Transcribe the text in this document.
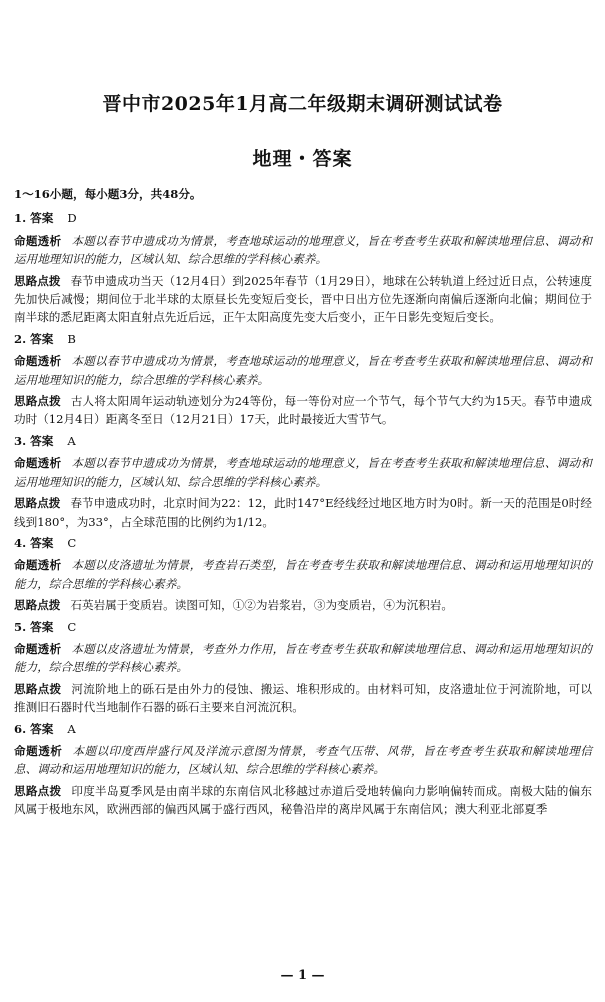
晋中市2025年1月高二年级期末调研测试试卷
地理・答案
1～16小题，每小题3分，共48分。
1. 答案 D
命题透析 本题以春节申遗成功为情景，考查地球运动的地理意义，旨在考查考生获取和解读地理信息、调动和运用地理知识的能力，区域认知、综合思维的学科核心素养。
思路点拨 春节申遗成功当天（12月4日）到2025年春节（1月29日），地球在公转轨道上经过近日点，公转速度先加快后减慢；期间位于北半球的太原昼长先变短后变长，晋中日出方位先逐渐向南偏后逐渐向北偏；期间位于南半球的悉尼距离太阳直射点先近后远，正午太阳高度先变大后变小，正午日影先变短后变长。
2. 答案 B
命题透析 本题以春节申遗成功为情景，考查地球运动的地理意义，旨在考查考生获取和解读地理信息、调动和运用地理知识的能力，综合思维的学科核心素养。
思路点拨 古人将太阳周年运动轨迹划分为24等份，每一等份对应一个节气，每个节气大约为15天。春节申遗成功时（12月4日）距离冬至日（12月21日）17天，此时最接近大雪节气。
3. 答案 A
命题透析 本题以春节申遗成功为情景，考查地球运动的地理意义，旨在考查考生获取和解读地理信息、调动和运用地理知识的能力，区域认知、综合思维的学科核心素养。
思路点拨 春节申遗成功时，北京时间为22：12，此时147°E经线经过地区地方时为0时。新一天的范围是0时经线到180°，为33°，占全球范围的比例约为1/12。
4. 答案 C
命题透析 本题以皮洛遗址为情景，考查岩石类型，旨在考查考生获取和解读地理信息、调动和运用地理知识的能力，综合思维的学科核心素养。
思路点拨 石英岩属于变质岩。读图可知，①②为岩浆岩，③为变质岩，④为沉积岩。
5. 答案 C
命题透析 本题以皮洛遗址为情景，考查外力作用，旨在考查考生获取和解读地理信息、调动和运用地理知识的能力，综合思维的学科核心素养。
思路点拨 河流阶地上的砾石是由外力的侵蚀、搬运、堆积形成的。由材料可知，皮洛遗址位于河流阶地，可以推测旧石器时代当地制作石器的砾石主要来自河流沉积。
6. 答案 A
命题透析 本题以印度西岸盛行风及洋流示意图为情景，考查气压带、风带，旨在考查考生获取和解读地理信息、调动和运用地理知识的能力，区域认知、综合思维的学科核心素养。
思路点拨 印度半岛夏季风是由南半球的东南信风北移越过赤道后受地转偏向力影响偏转而成。南极大陆的偏东风属于极地东风，欧洲西部的偏西风属于盛行西风，秘鲁沿岸的离岸风属于东南信风；澳大利亚北部夏季
— 1 —
